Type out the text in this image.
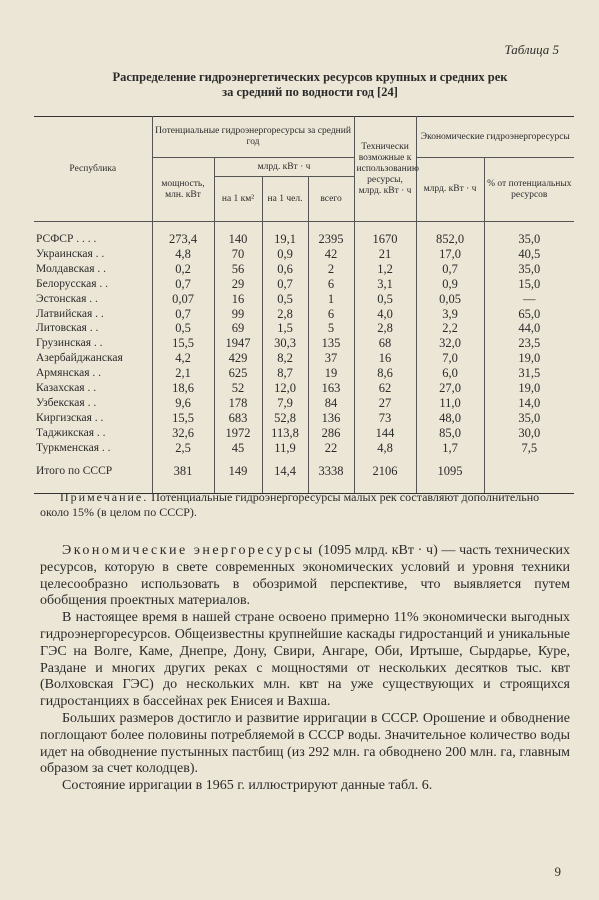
Таблица 5
Распределение гидроэнергетических ресурсов крупных и средних рек
за средний по водности год [24]
Республика	Потенциальные гидроэнергоресурсы за средний год				Технически возможные к использованию ресурсы, млрд. кВт · ч	Экономические гидроэнергоресурсы	
	мощность, млн. кВт	млрд. кВт · ч				млрд. кВт · ч	% от потенциальных ресурсов
		на 1 км²	на 1 чел.	всего			

РСФСР . . . .	273,4	140	19,1	2395	1670	852,0	35,0
Украинская . .	4,8	70	0,9	42	21	17,0	40,5
Молдавская . .	0,2	56	0,6	2	1,2	0,7	35,0
Белорусская . .	0,7	29	0,7	6	3,1	0,9	15,0
Эстонская . .	0,07	16	0,5	1	0,5	0,05	—
Латвийская . .	0,7	99	2,8	6	4,0	3,9	65,0
Литовская . .	0,5	69	1,5	5	2,8	2,2	44,0
Грузинская . .	15,5	1947	30,3	135	68	32,0	23,5
Азербайджанская	4,2	429	8,2	37	16	7,0	19,0
Армянская . .	2,1	625	8,7	19	8,6	6,0	31,5
Казахская . .	18,6	52	12,0	163	62	27,0	19,0
Узбекская . .	9,6	178	7,9	84	27	11,0	14,0
Киргизская . .	15,5	683	52,8	136	73	48,0	35,0
Таджикская . .	32,6	1972	113,8	286	144	85,0	30,0
Туркменская . .	2,5	45	11,9	22	4,8	1,7	7,5
Итого по СССР	381	149	14,4	3338	2106	1095	
Примечание. Потенциальные гидроэнергоресурсы малых рек составляют дополнительно около 15% (в целом по СССР).

Экономические энергоресурсы (1095 млрд. кВт · ч) — часть технических ресурсов, которую в свете современных экономических условий и уровня техники целесообразно использовать в обозримой перспективе, что выявляется путем обобщения проектных материалов.

В настоящее время в нашей стране освоено примерно 11% экономически выгодных гидроэнергоресурсов. Общеизвестны крупнейшие каскады гидростанций и уникальные ГЭС на Волге, Каме, Днепре, Дону, Свири, Ангаре, Оби, Иртыше, Сырдарье, Куре, Раздане и многих других реках с мощностями от нескольких десятков тыс. квт (Волховская ГЭС) до нескольких млн. квт на уже существующих и строящихся гидростанциях в бассейнах рек Енисея и Вахша.

Больших размеров достигло и развитие ирригации в СССР. Орошение и обводнение поглощают более половины потребляемой в СССР воды. Значительное количество воды идет на обводнение пустынных пастбищ (из 292 млн. га обводнено 200 млн. га, главным образом за счет колодцев).

Состояние ирригации в 1965 г. иллюстрируют данные табл. 6.

9
